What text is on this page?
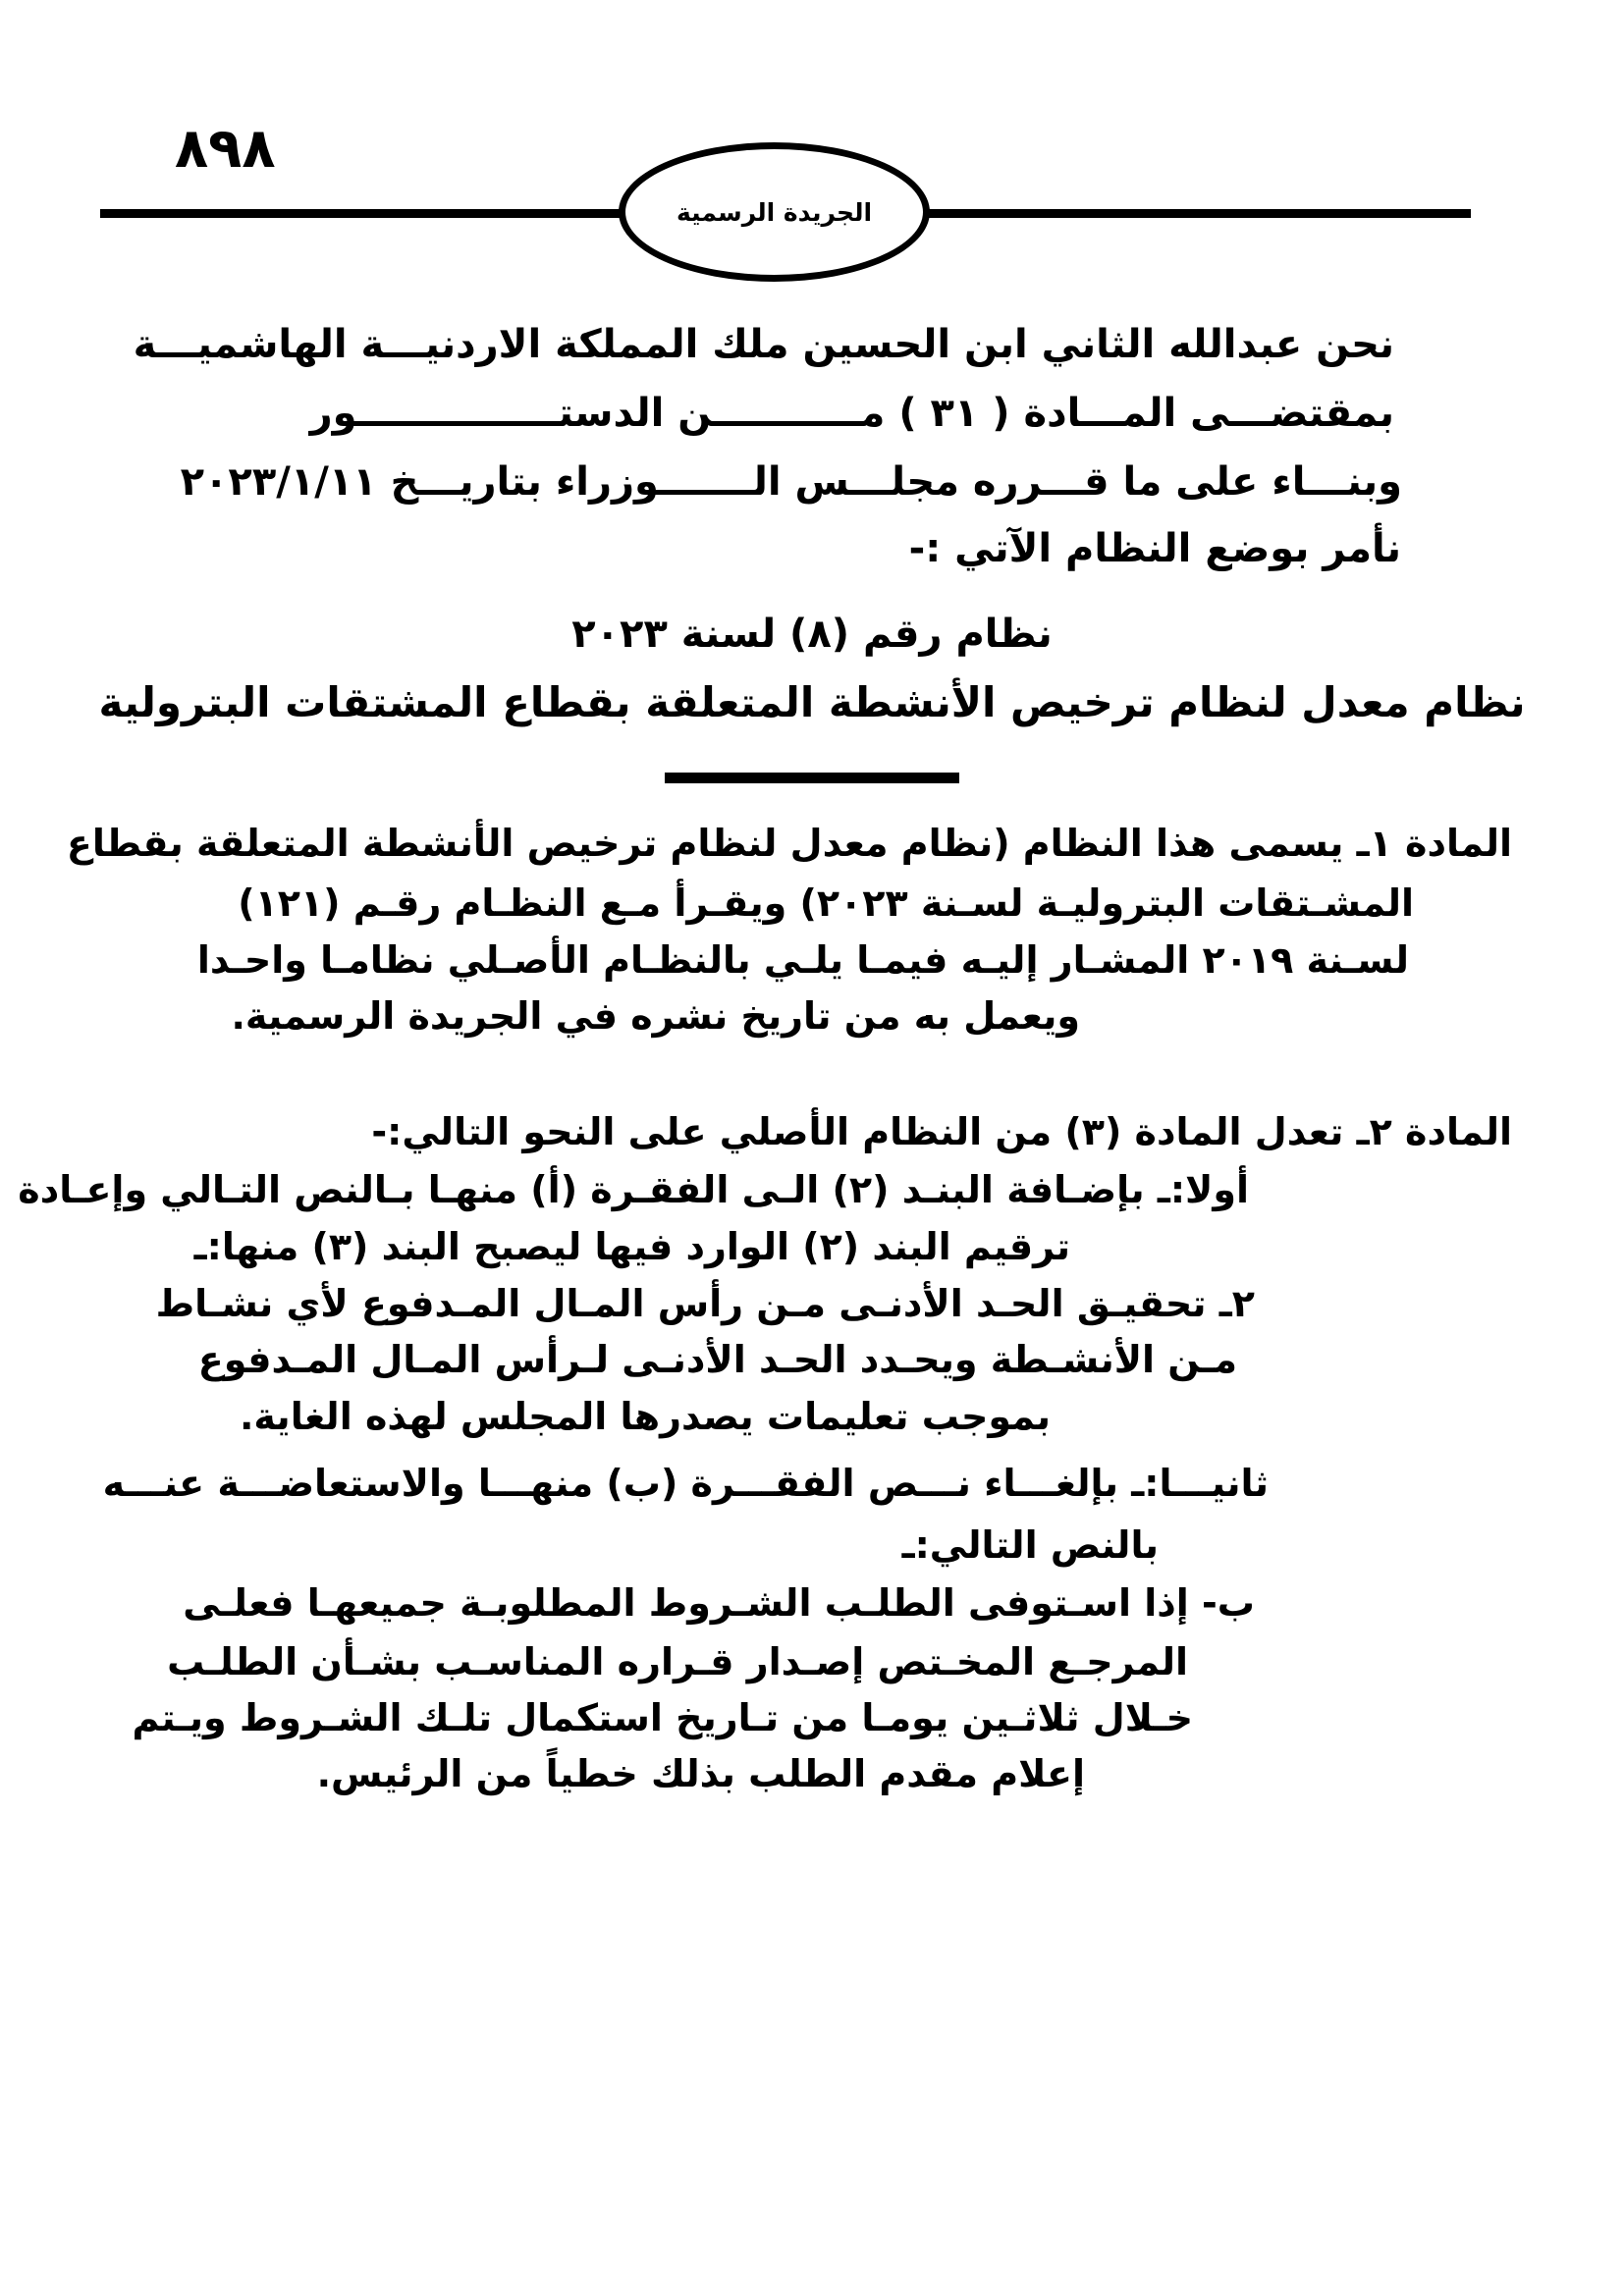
٨٩٨
الجريدة الرسمية
نحن عبدالله الثاني ابن الحسين ملك المملكة الاردنيـــة الهاشميـــة
بمقتضـــى المـــادة ( ٣١ ) مـــــــــــن الدستـــــــــــــــور
وبنـــاء على ما قـــرره مجلـــس الـــــــوزراء بتاريـــخ ٢٠٢٣/١/١١
نأمر بوضع النظام الآتي :-
نظام رقم (٨) لسنة ٢٠٢٣
نظام معدل لنظام ترخيص الأنشطة المتعلقة بقطاع المشتقات البترولية
المادة ١ـ يسمى هذا النظام (نظام معدل لنظام ترخيص الأنشطة المتعلقة بقطاع
المشـتقات البتروليـة لسـنة ٢٠٢٣) ويقـرأ مـع النظـام رقـم (١٢١)
لسـنة ٢٠١٩ المشـار إليـه فيمـا يلـي بالنظـام الأصـلي نظامـا واحـدا
ويعمل به من تاريخ نشره في الجريدة الرسمية.
المادة ٢ـ تعدل المادة (٣) من النظام الأصلي على النحو التالي:-
أولا:ـ بإضـافة البنـد (٢) الـى الفقـرة (أ) منهـا بـالنص التـالي وإعـادة
ترقيم البند (٢) الوارد فيها ليصبح البند (٣) منها:ـ
٢ـ تحقيـق الحـد الأدنـى مـن رأس المـال المـدفوع لأي نشـاط
مـن الأنشـطة ويحـدد الحـد الأدنـى لـرأس المـال المـدفوع
بموجب تعليمات يصدرها المجلس لهذه الغاية.
ثانيـــا:ـ بإلغـــاء نـــص الفقـــرة (ب) منهـــا والاستعاضـــة عنـــه
بالنص التالي:ـ
ب- إذا اسـتوفى الطلـب الشـروط المطلوبـة جميعهـا فعلـى
المرجـع المخـتص إصـدار قـراره المناسـب بشـأن الطلـب
خـلال ثلاثـين يومـا من تـاريخ استكمال تلـك الشـروط ويـتم
إعلام مقدم الطلب بذلك خطياً من الرئيس.
